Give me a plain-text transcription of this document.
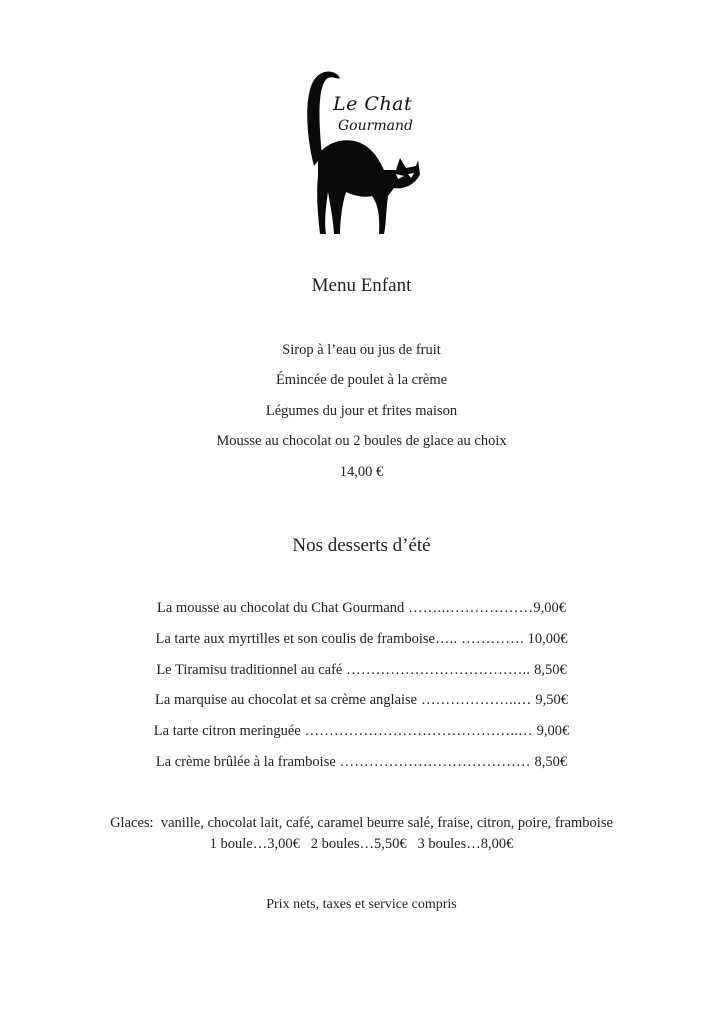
Le Chat
Gourmand
Menu Enfant
Sirop à l’eau ou jus de fruit
Émincée de poulet à la crème
Légumes du jour et frites maison
Mousse au chocolat ou 2 boules de glace au choix
14,00 €
Nos desserts d’été
La mousse au chocolat du Chat Gourmand ……..………………9,00€
La tarte aux myrtilles et son coulis de framboise….. …………. 10,00€
Le Tiramisu traditionnel au café ……………………………….. 8,50€
La marquise au chocolat et sa crème anglaise ………………..… 9,50€
La tarte citron meringuée ……………………………………..… 9,00€
La crème brûlée à la framboise ………………………………… 8,50€
Glaces: vanille, chocolat lait, café, caramel beurre salé, fraise, citron, poire, framboise
1 boule…3,00€   2 boules…5,50€   3 boules…8,00€
Prix nets, taxes et service compris
